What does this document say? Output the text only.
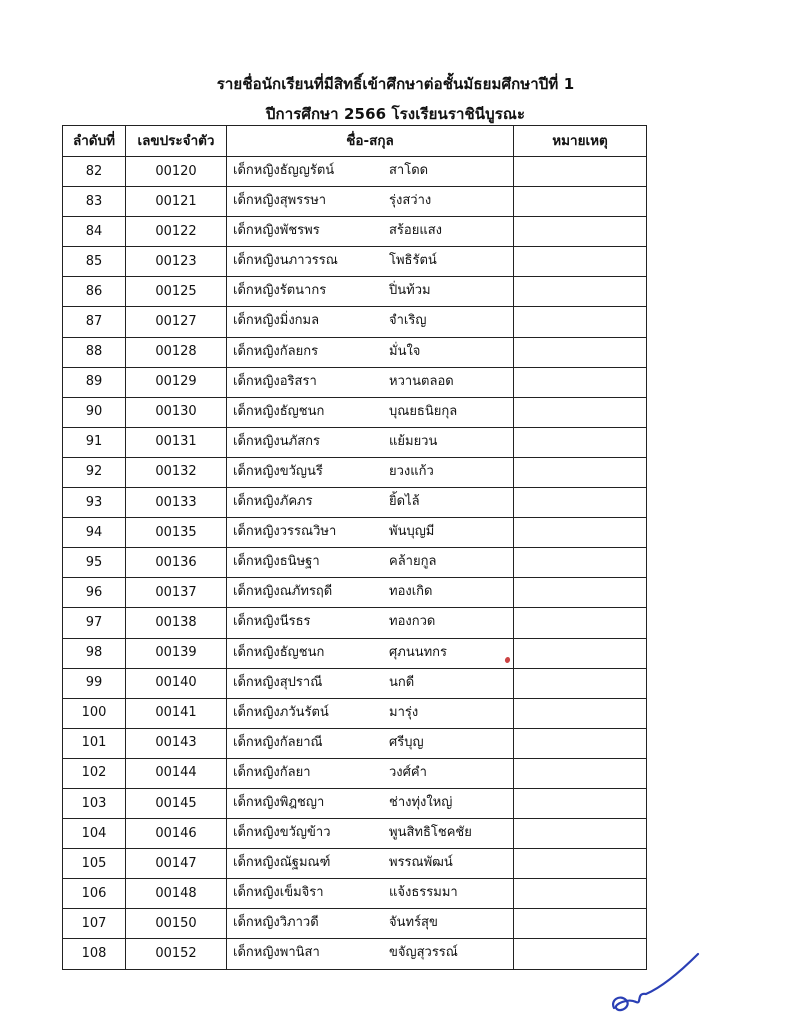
รายชื่อนักเรียนที่มีสิทธิ์เข้าศึกษาต่อชั้นมัธยมศึกษาปีที่ 1
ปีการศึกษา 2566 โรงเรียนราชินีบูรณะ
ลำดับที่	เลขประจำตัว	ชื่อ-สกุล	หมายเหตุ
82	00120	เด็กหญิงธัญญรัตน์ สาโดด	

83	00121	เด็กหญิงสุพรรษา รุ่งสว่าง	

84	00122	เด็กหญิงพัชรพร สร้อยแสง	

85	00123	เด็กหญิงนภาวรรณ โพธิรัตน์	

86	00125	เด็กหญิงรัตนากร ปิ่นท้วม	

87	00127	เด็กหญิงมิ่งกมล จำเริญ	

88	00128	เด็กหญิงกัลยกร มั่นใจ	

89	00129	เด็กหญิงอริสรา หวานตลอด	

90	00130	เด็กหญิงธัญชนก บุณยธนิยกุล	

91	00131	เด็กหญิงนภัสกร แย้มยวน	

92	00132	เด็กหญิงขวัญนรี ยวงแก้ว	

93	00133	เด็กหญิงภัคภร ยิ้ดไล้	

94	00135	เด็กหญิงวรรณวิษา พันบุญมี	

95	00136	เด็กหญิงธนิษฐา คล้ายกูล	

96	00137	เด็กหญิงณภัทรฤดี ทองเกิด	

97	00138	เด็กหญิงนีรธร ทองกวด	

98	00139	เด็กหญิงธัญชนก ศุภนนทกร	

99	00140	เด็กหญิงสุปราณี นกดี	

100	00141	เด็กหญิงภวันรัตน์ มารุ่ง	

101	00143	เด็กหญิงกัลยาณี ศรีบุญ	

102	00144	เด็กหญิงกัลยา วงศ์คำ	

103	00145	เด็กหญิงพิฎชญา ช่างทุ่งใหญ่	

104	00146	เด็กหญิงขวัญข้าว พูนสิทธิโชคชัย	

105	00147	เด็กหญิงณัฐมณฑ์ พรรณพัฒน์	

106	00148	เด็กหญิงเข็มจิรา แจ้งธรรมมา	

107	00150	เด็กหญิงวิภาวดี จันทร์สุข	

108	00152	เด็กหญิงพานิสา ขจัญสุวรรณ์	
